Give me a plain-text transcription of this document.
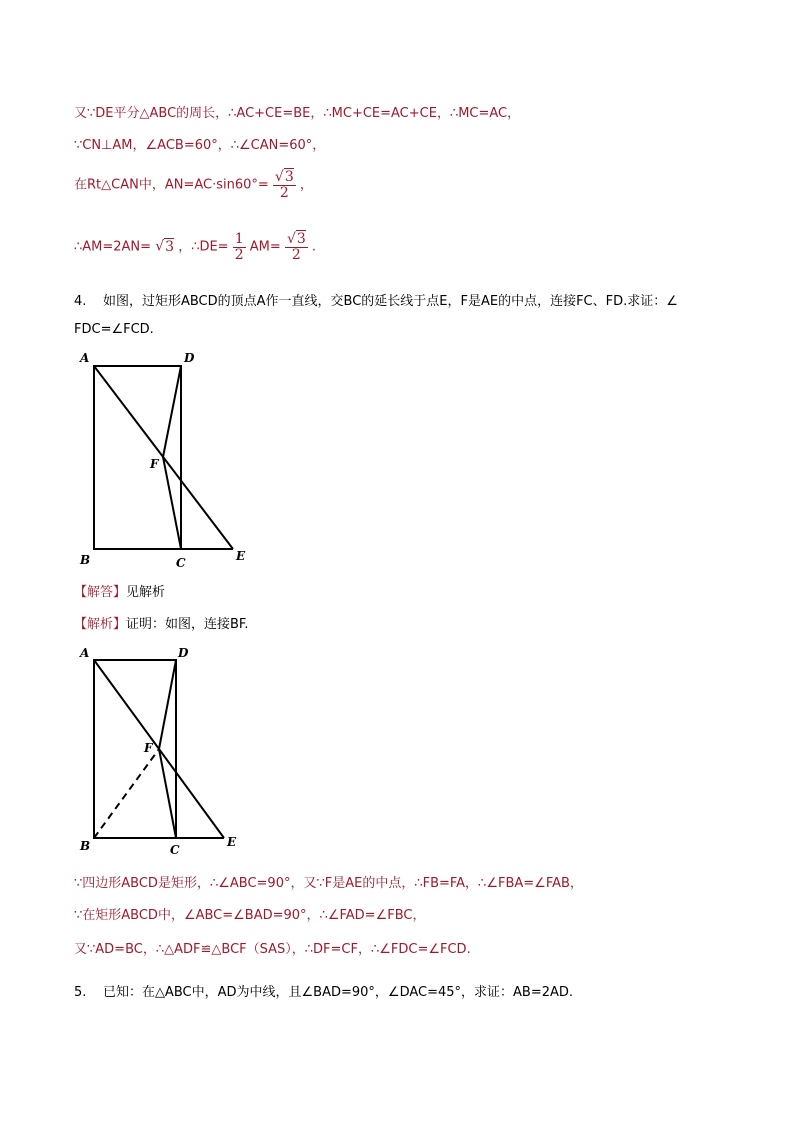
又∵DE平分△ABC的周长，∴AC+CE=BE，∴MC+CE=AC+CE，∴MC=AC，
∵CN⊥AM，∠ACB=60°，∴∠CAN=60°，
在Rt△CAN中，$AN=AC\cdot\sin 60^\circ= \frac{√3}{2}$ ，
∴AM=2AN= √3 ，∴DE= $\frac{1}{2} AM= \frac{√3}{2}$ .
4. 如图，过矩形ABCD的顶点A作一直线，交BC的延长线于点E，F是AE的中点，连接FC、FD.求证：∠
FDC=∠FCD.
A	D
F
B	C	E
【解答】见解析
【解析】证明：如图，连接BF.
A	D
F
B	C
E
∵四边形ABCD是矩形，∴∠ABC=90°，又∵F是AE的中点，∴FB=FA，∴∠FBA=∠FAB，
∵在矩形ABCD中，∠ABC=∠BAD=90°，∴∠FAD=∠FBC，
又∵AD=BC，∴△ADF≌△BCF（SAS），∴DF=CF，∴∠FDC=∠FCD.
5. 已知：在△ABC中，AD为中线，且∠BAD=90°，∠DAC=45°，求证：AB=2AD.
